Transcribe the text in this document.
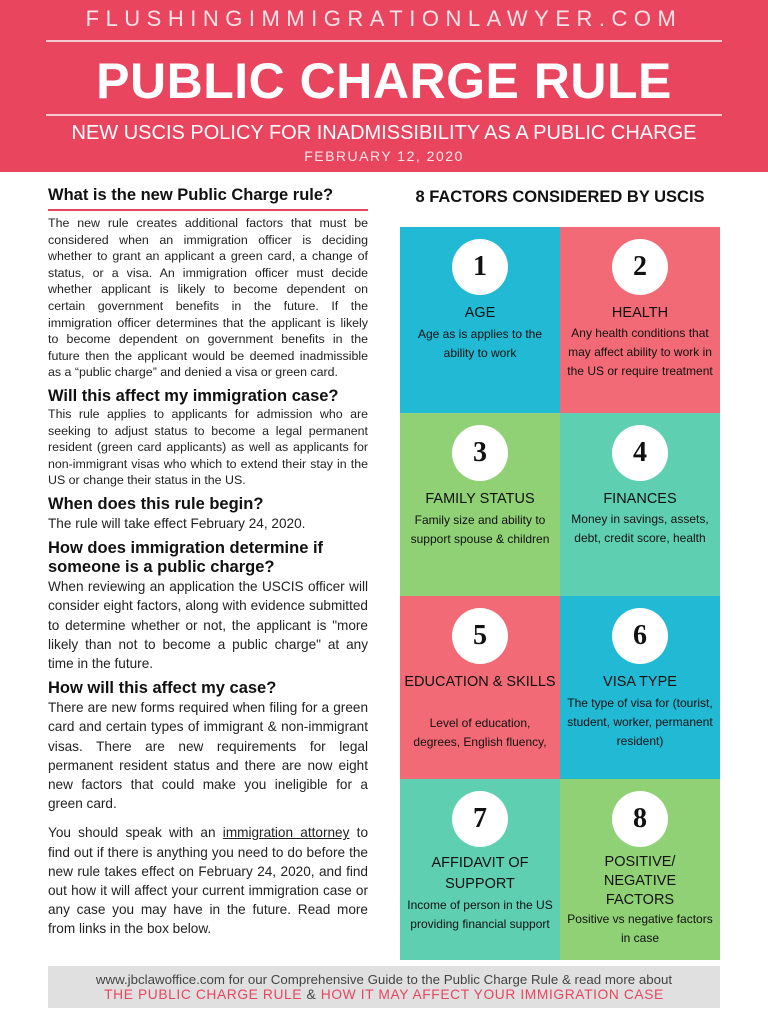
FLUSHINGIMMIGRATIONLAWYER.COM
PUBLIC CHARGE RULE
NEW USCIS POLICY FOR INADMISSIBILITY AS A PUBLIC CHARGE
FEBRUARY 12, 2020

What is the new Public Charge rule?

The new rule creates additional factors that must be considered when an immigration officer is deciding whether to grant an applicant a green card, a change of status, or a visa. An immigration officer must decide whether applicant is likely to become dependent on certain government benefits in the future. If the immigration officer determines that the applicant is likely to become dependent on government benefits in the future then the applicant would be deemed inadmissible as a “public charge” and denied a visa or green card.

Will this affect my immigration case?

This rule applies to applicants for admission who are seeking to adjust status to become a legal permanent resident (green card applicants) as well as applicants for non-immigrant visas who which to extend their stay in the US or change their status in the US.

When does this rule begin?

The rule will take effect February 24, 2020.

How does immigration determine if someone is a public charge?

When reviewing an application the USCIS officer will consider eight factors, along with evidence submitted to determine whether or not, the applicant is "more likely than not to become a public charge" at any time in the future.

How will this affect my case?

There are new forms required when filing for a green card and certain types of immigrant & non-immigrant visas. There are new requirements for legal permanent resident status and there are now eight new factors that could make you ineligible for a green card.

You should speak with an immigration attorney to find out if there is anything you need to do before the new rule takes effect on February 24, 2020, and find out how it will affect your current immigration case or any case you may have in the future. Read more from links in the box below.

8 FACTORS CONSIDERED BY USCIS
1
AGE
Age as is applies to the ability to work
2
HEALTH
Any health conditions that may affect ability to work in the US or require treatment
3
FAMILY STATUS
Family size and ability to support spouse & children
4
FINANCES
Money in savings, assets, debt, credit score, health
5
EDUCATION & SKILLS
Level of education, degrees, English fluency,
6
VISA TYPE
The type of visa for (tourist, student, worker, permanent resident)
7
AFFIDAVIT OF SUPPORT
Income of person in the US providing financial support
8
POSITIVE/ NEGATIVE FACTORS
Positive vs negative factors in case
www.jbclawoffice.com for our Comprehensive Guide to the Public Charge Rule & read more about
THE PUBLIC CHARGE RULE & HOW IT MAY AFFECT YOUR IMMIGRATION CASE
